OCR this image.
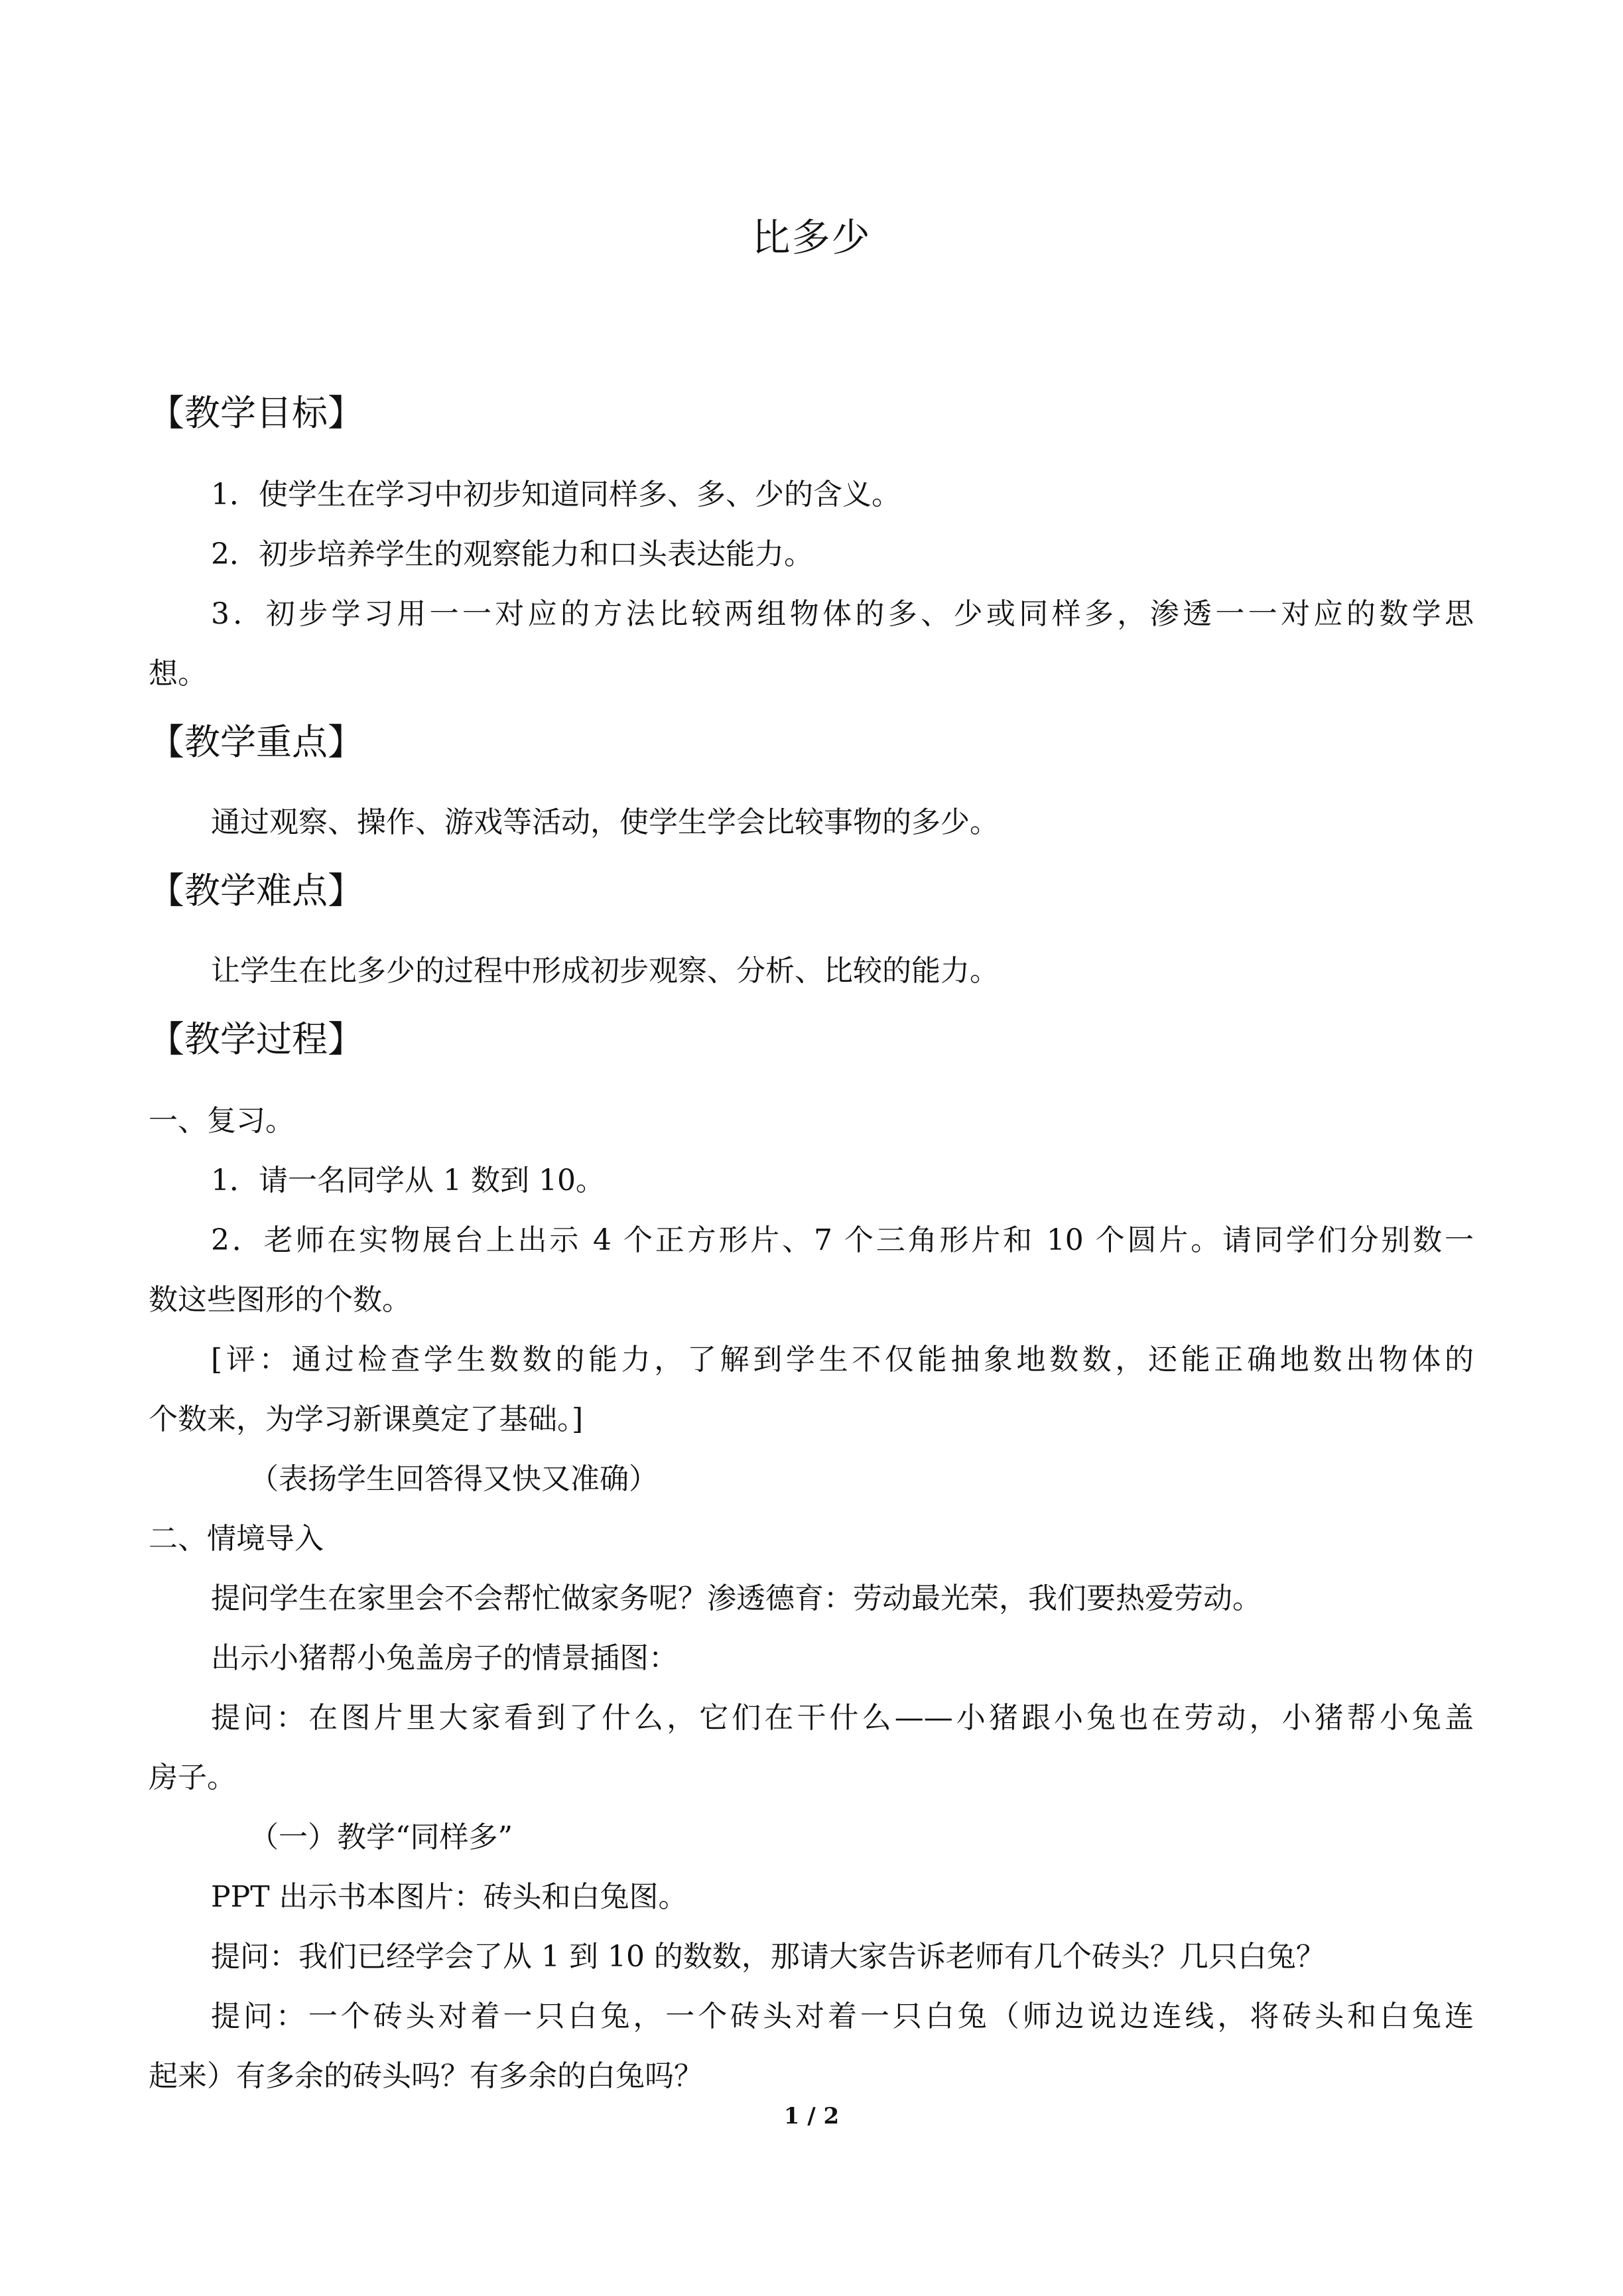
比多少
【教学目标】
1．使学生在学习中初步知道同样多、多、少的含义。
2．初步培养学生的观察能力和口头表达能力。
3．初步学习用一一对应的方法比较两组物体的多、少或同样多，渗透一一对应的数学思
想。
【教学重点】
通过观察、操作、游戏等活动，使学生学会比较事物的多少。
【教学难点】
让学生在比多少的过程中形成初步观察、分析、比较的能力。
【教学过程】
一、复习。
1．请一名同学从 1 数到 10。
2．老师在实物展台上出示 4 个正方形片、7 个三角形片和 10 个圆片。请同学们分别数一
数这些图形的个数。
[评：通过检查学生数数的能力，了解到学生不仅能抽象地数数，还能正确地数出物体的
个数来，为学习新课奠定了基础。]
（表扬学生回答得又快又准确）
二、情境导入
提问学生在家里会不会帮忙做家务呢？渗透德育：劳动最光荣，我们要热爱劳动。
出示小猪帮小兔盖房子的情景插图：
提问：在图片里大家看到了什么，它们在干什么——小猪跟小兔也在劳动，小猪帮小兔盖
房子。
（一）教学“同样多”
PPT 出示书本图片：砖头和白兔图。
提问：我们已经学会了从 1 到 10 的数数，那请大家告诉老师有几个砖头？几只白兔？
提问：一个砖头对着一只白兔，一个砖头对着一只白兔（师边说边连线，将砖头和白兔连
起来）有多余的砖头吗？有多余的白兔吗？
1 / 2
